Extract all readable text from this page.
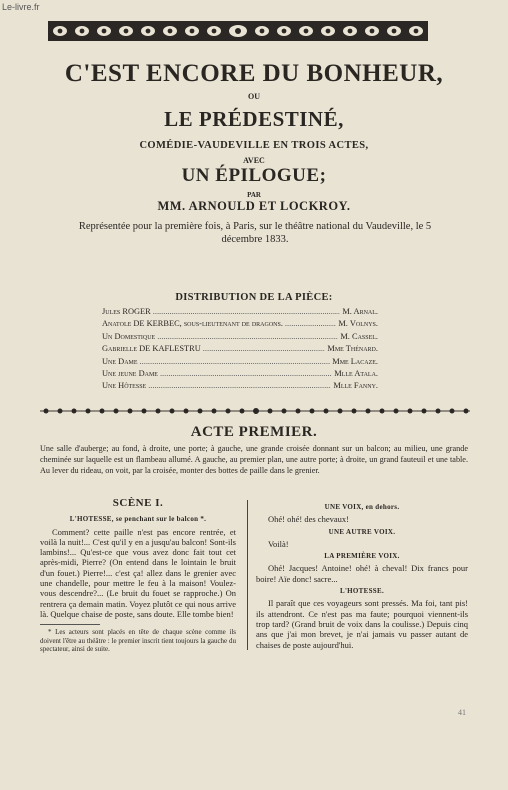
Le-livre.fr
C'EST ENCORE DU BONHEUR,
OU
LE PRÉDESTINÉ,
COMÉDIE-VAUDEVILLE EN TROIS ACTES,
AVEC
UN ÉPILOGUE;
PAR
MM. ARNOULD ET LOCKROY.
Représentée pour la première fois, à Paris, sur le théâtre national du Vaudeville, le 5 décembre 1833.
DISTRIBUTION DE LA PIÈCE:
Jules ROGER .....	M. Arnal.
Anatole DE KERBEC, sous-lieutenant de dragons. .....	M. Volnys.
Un Domestique .....	M. Cassel.
Gabrielle DE KAFLESTRU .....	Mme Thénard.
Une Dame .....	Mme Lacaze.
Une jeune Dame .....	Mlle Atala.
Une Hôtesse .....	Mlle Fanny.
ACTE PREMIER.
Une salle d'auberge; au fond, à droite, une porte; à gauche, une grande croisée donnant sur un balcon; au milieu, une grande cheminée sur laquelle est un flambeau allumé. A gauche, au premier plan, une autre porte; à droite, un grand fauteuil et une table. Au lever du rideau, on voit, par la croisée, monter des bottes de paille dans le grenier.
SCÈNE I.
L'HOTESSE, se penchant sur le balcon *.

Comment? cette paille n'est pas encore rentrée, et voilà la nuit!... C'est qu'il y en a jusqu'au balcon! Sont-ils lambins!... Qu'est-ce que vous avez donc fait tout cet après-midi, Pierre? (On entend dans le lointain le bruit d'un fouet.) Pierre!... c'est ça! allez dans le grenier avec une chandelle, pour mettre le feu à la maison! Voulez-vous descendre?... (Le bruit du fouet se rapproche.) On rentrera ça demain matin. Voyez plutôt ce qui nous arrive là. Quelque chaise de poste, sans doute. Elle tombe bien!

* Les acteurs sont placés en tête de chaque scène comme ils doivent l'être au théâtre : le premier inscrit tient toujours la gauche du spectateur, ainsi de suite.

UNE VOIX, en dehors.

Ohé! ohé! des chevaux!

UNE AUTRE VOIX.

Voilà!

LA PREMIÈRE VOIX.

Ohé! Jacques! Antoine! ohé! à cheval! Dix francs pour boire! Aïe donc! sacre...

L'HOTESSE.

Il paraît que ces voyageurs sont pressés. Ma foi, tant pis! ils attendront. Ce n'est pas ma faute; pourquoi viennent-ils trop tard? (Grand bruit de voix dans la coulisse.) Depuis cinq ans que j'ai mon brevet, je n'ai jamais vu passer autant de chaises de poste aujourd'hui.

41
